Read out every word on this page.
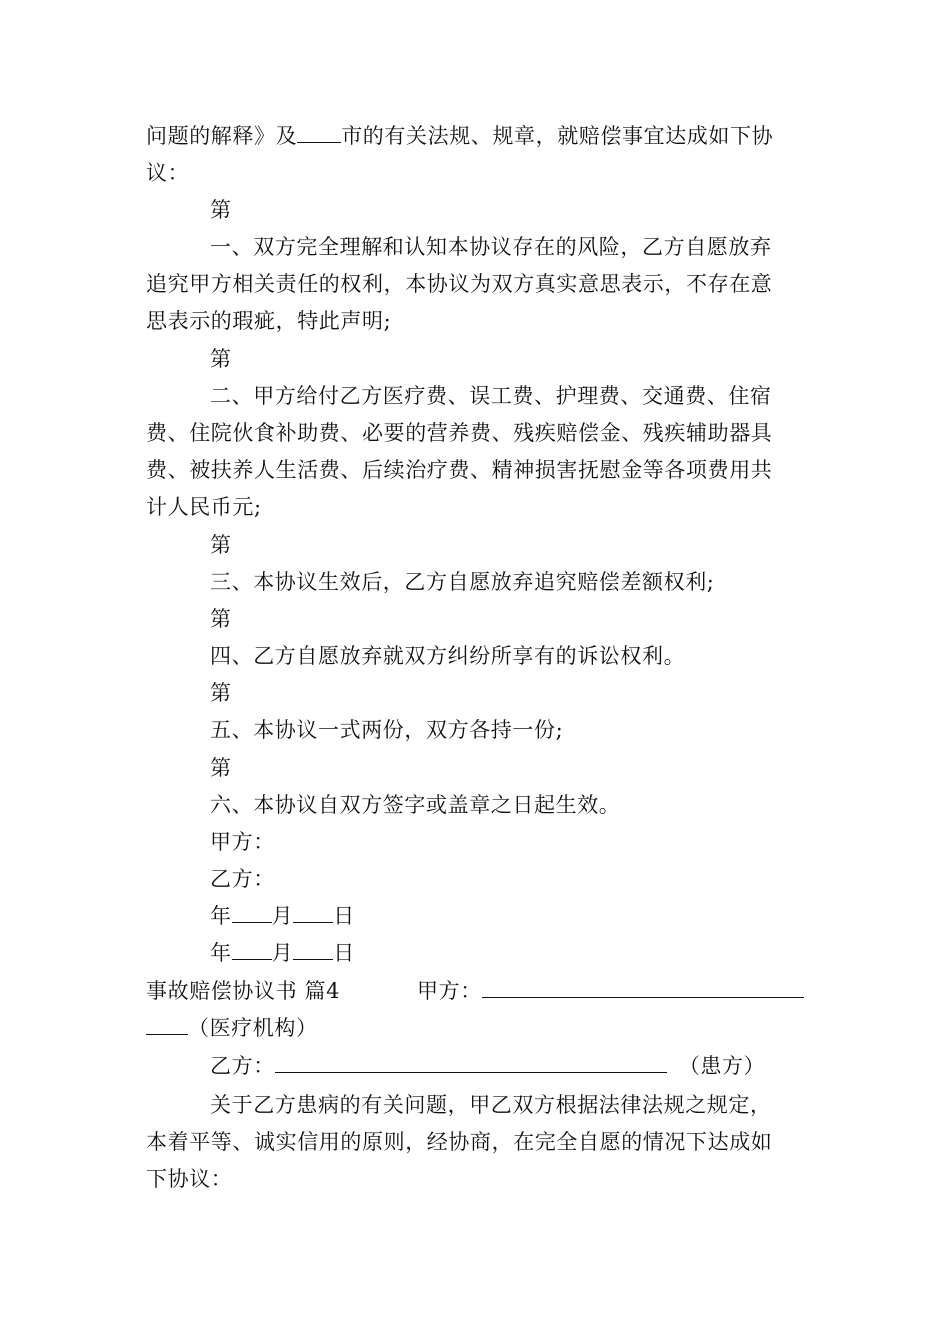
问题的解释》及 市的有关法规、规章，就赔偿事宜达成如下协
议：
第
一、双方完全理解和认知本协议存在的风险，乙方自愿放弃
追究甲方相关责任的权利，本协议为双方真实意思表示，不存在意
思表示的瑕疵，特此声明;
第
二、甲方给付乙方医疗费、误工费、护理费、交通费、住宿
费、住院伙食补助费、必要的营养费、残疾赔偿金、残疾辅助器具
费、被扶养人生活费、后续治疗费、精神损害抚慰金等各项费用共
计人民币元;
第
三、本协议生效后，乙方自愿放弃追究赔偿差额权利;
第
四、乙方自愿放弃就双方纠纷所享有的诉讼权利。
第
五、本协议一式两份，双方各持一份;
第
六、本协议自双方签字或盖章之日起生效。
甲方：
乙方：
年 月 日
年 月 日
事故赔偿协议书 篇4	甲方：
（医疗机构）
乙方：	（患方）
关于乙方患病的有关问题，甲乙双方根据法律法规之规定，
本着平等、诚实信用的原则，经协商，在完全自愿的情况下达成如
下协议：
